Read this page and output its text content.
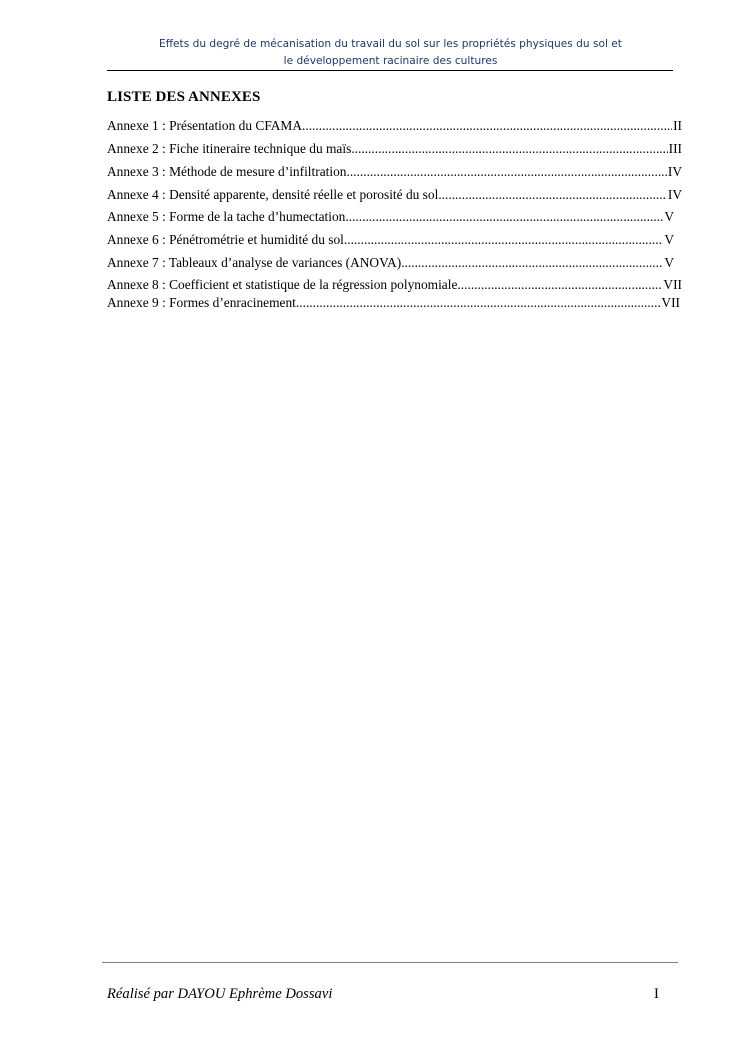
Effets du degré de mécanisation du travail du sol sur les propriétés physiques du sol et
le développement racinaire des cultures
LISTE DES ANNEXES
Annexe 1 : Présentation du CFAMA .....	II
Annexe 2 : Fiche itineraire technique du maïs .....	III
Annexe 3 : Méthode de mesure d’infiltration .....	IV
Annexe 4 : Densité apparente, densité réelle et porosité du sol .....	IV
Annexe 5 : Forme de la tache d’humectation .....	V
Annexe 6 : Pénétrométrie et humidité du sol .....	V
Annexe 7 : Tableaux d’analyse de variances (ANOVA) .....	V
Annexe 8 : Coefficient et statistique de la régression polynomiale .....	VII
Annexe 9 : Formes d’enracinement .....	VII
Réalisé par DAYOU Ephrème Dossavi	I
